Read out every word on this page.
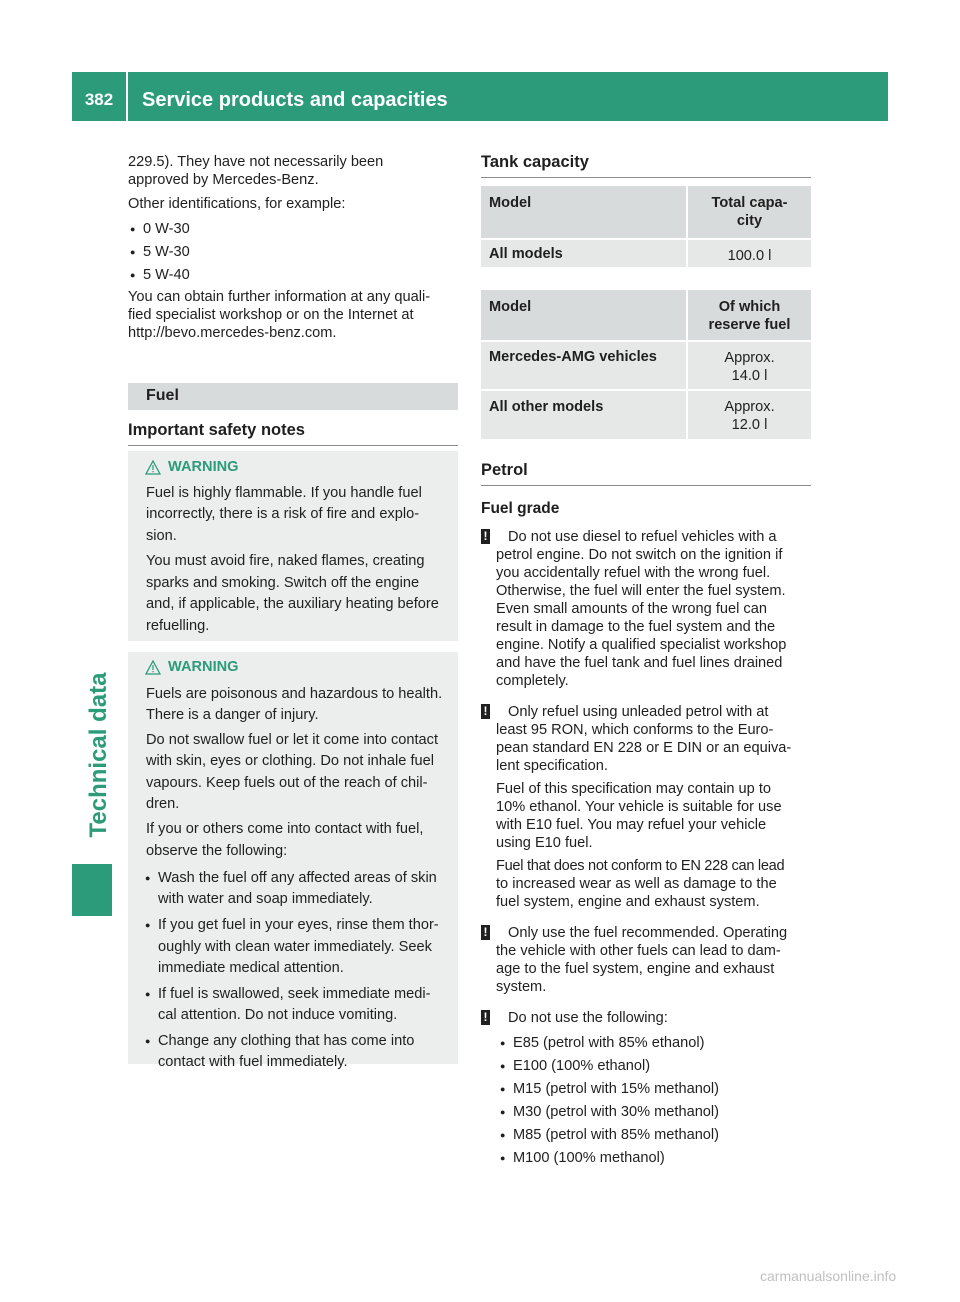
382	Service products and capacities
Technical data
229.5). They have not necessarily been
approved by Mercedes-Benz.
Other identifications, for example:
● 0 W-30
● 5 W-30
● 5 W-40
You can obtain further information at any quali-
fied specialist workshop or on the Internet at
http://bevo.mercedes-benz.com.
Fuel
Important safety notes
WARNING
Fuel is highly flammable. If you handle fuel
incorrectly, there is a risk of fire and explo-
sion.
You must avoid fire, naked flames, creating
sparks and smoking. Switch off the engine
and, if applicable, the auxiliary heating before
refuelling.
WARNING
Fuels are poisonous and hazardous to health.
There is a danger of injury.
Do not swallow fuel or let it come into contact
with skin, eyes or clothing. Do not inhale fuel
vapours. Keep fuels out of the reach of chil-
dren.
If you or others come into contact with fuel,
observe the following:
● Wash the fuel off any affected areas of skin
with water and soap immediately.
● If you get fuel in your eyes, rinse them thor-
oughly with clean water immediately. Seek
immediate medical attention.
● If fuel is swallowed, seek immediate medi-
cal attention. Do not induce vomiting.
● Change any clothing that has come into
contact with fuel immediately.
Tank capacity
Model	Total capa-
city
All models	100.0 l
Model	Of which
reserve fuel
Mercedes-AMG vehicles	Approx.
14.0 l
All other models	Approx.
12.0 l
Petrol
Fuel grade
! Do not use diesel to refuel vehicles with a
petrol engine. Do not switch on the ignition if
you accidentally refuel with the wrong fuel.
Otherwise, the fuel will enter the fuel system.
Even small amounts of the wrong fuel can
result in damage to the fuel system and the
engine. Notify a qualified specialist workshop
and have the fuel tank and fuel lines drained
completely.
! Only refuel using unleaded petrol with at
least 95 RON, which conforms to the Euro-
pean standard EN 228 or E DIN or an equiva-
lent specification.
Fuel of this specification may contain up to
10% ethanol. Your vehicle is suitable for use
with E10 fuel. You may refuel your vehicle
using E10 fuel.
Fuel that does not conform to EN 228 can lead
to increased wear as well as damage to the
fuel system, engine and exhaust system.
! Only use the fuel recommended. Operating
the vehicle with other fuels can lead to dam-
age to the fuel system, engine and exhaust
system.
! Do not use the following:
● E85 (petrol with 85% ethanol)
● E100 (100% ethanol)
● M15 (petrol with 15% methanol)
● M30 (petrol with 30% methanol)
● M85 (petrol with 85% methanol)
● M100 (100% methanol)
carmanualsonline.info
